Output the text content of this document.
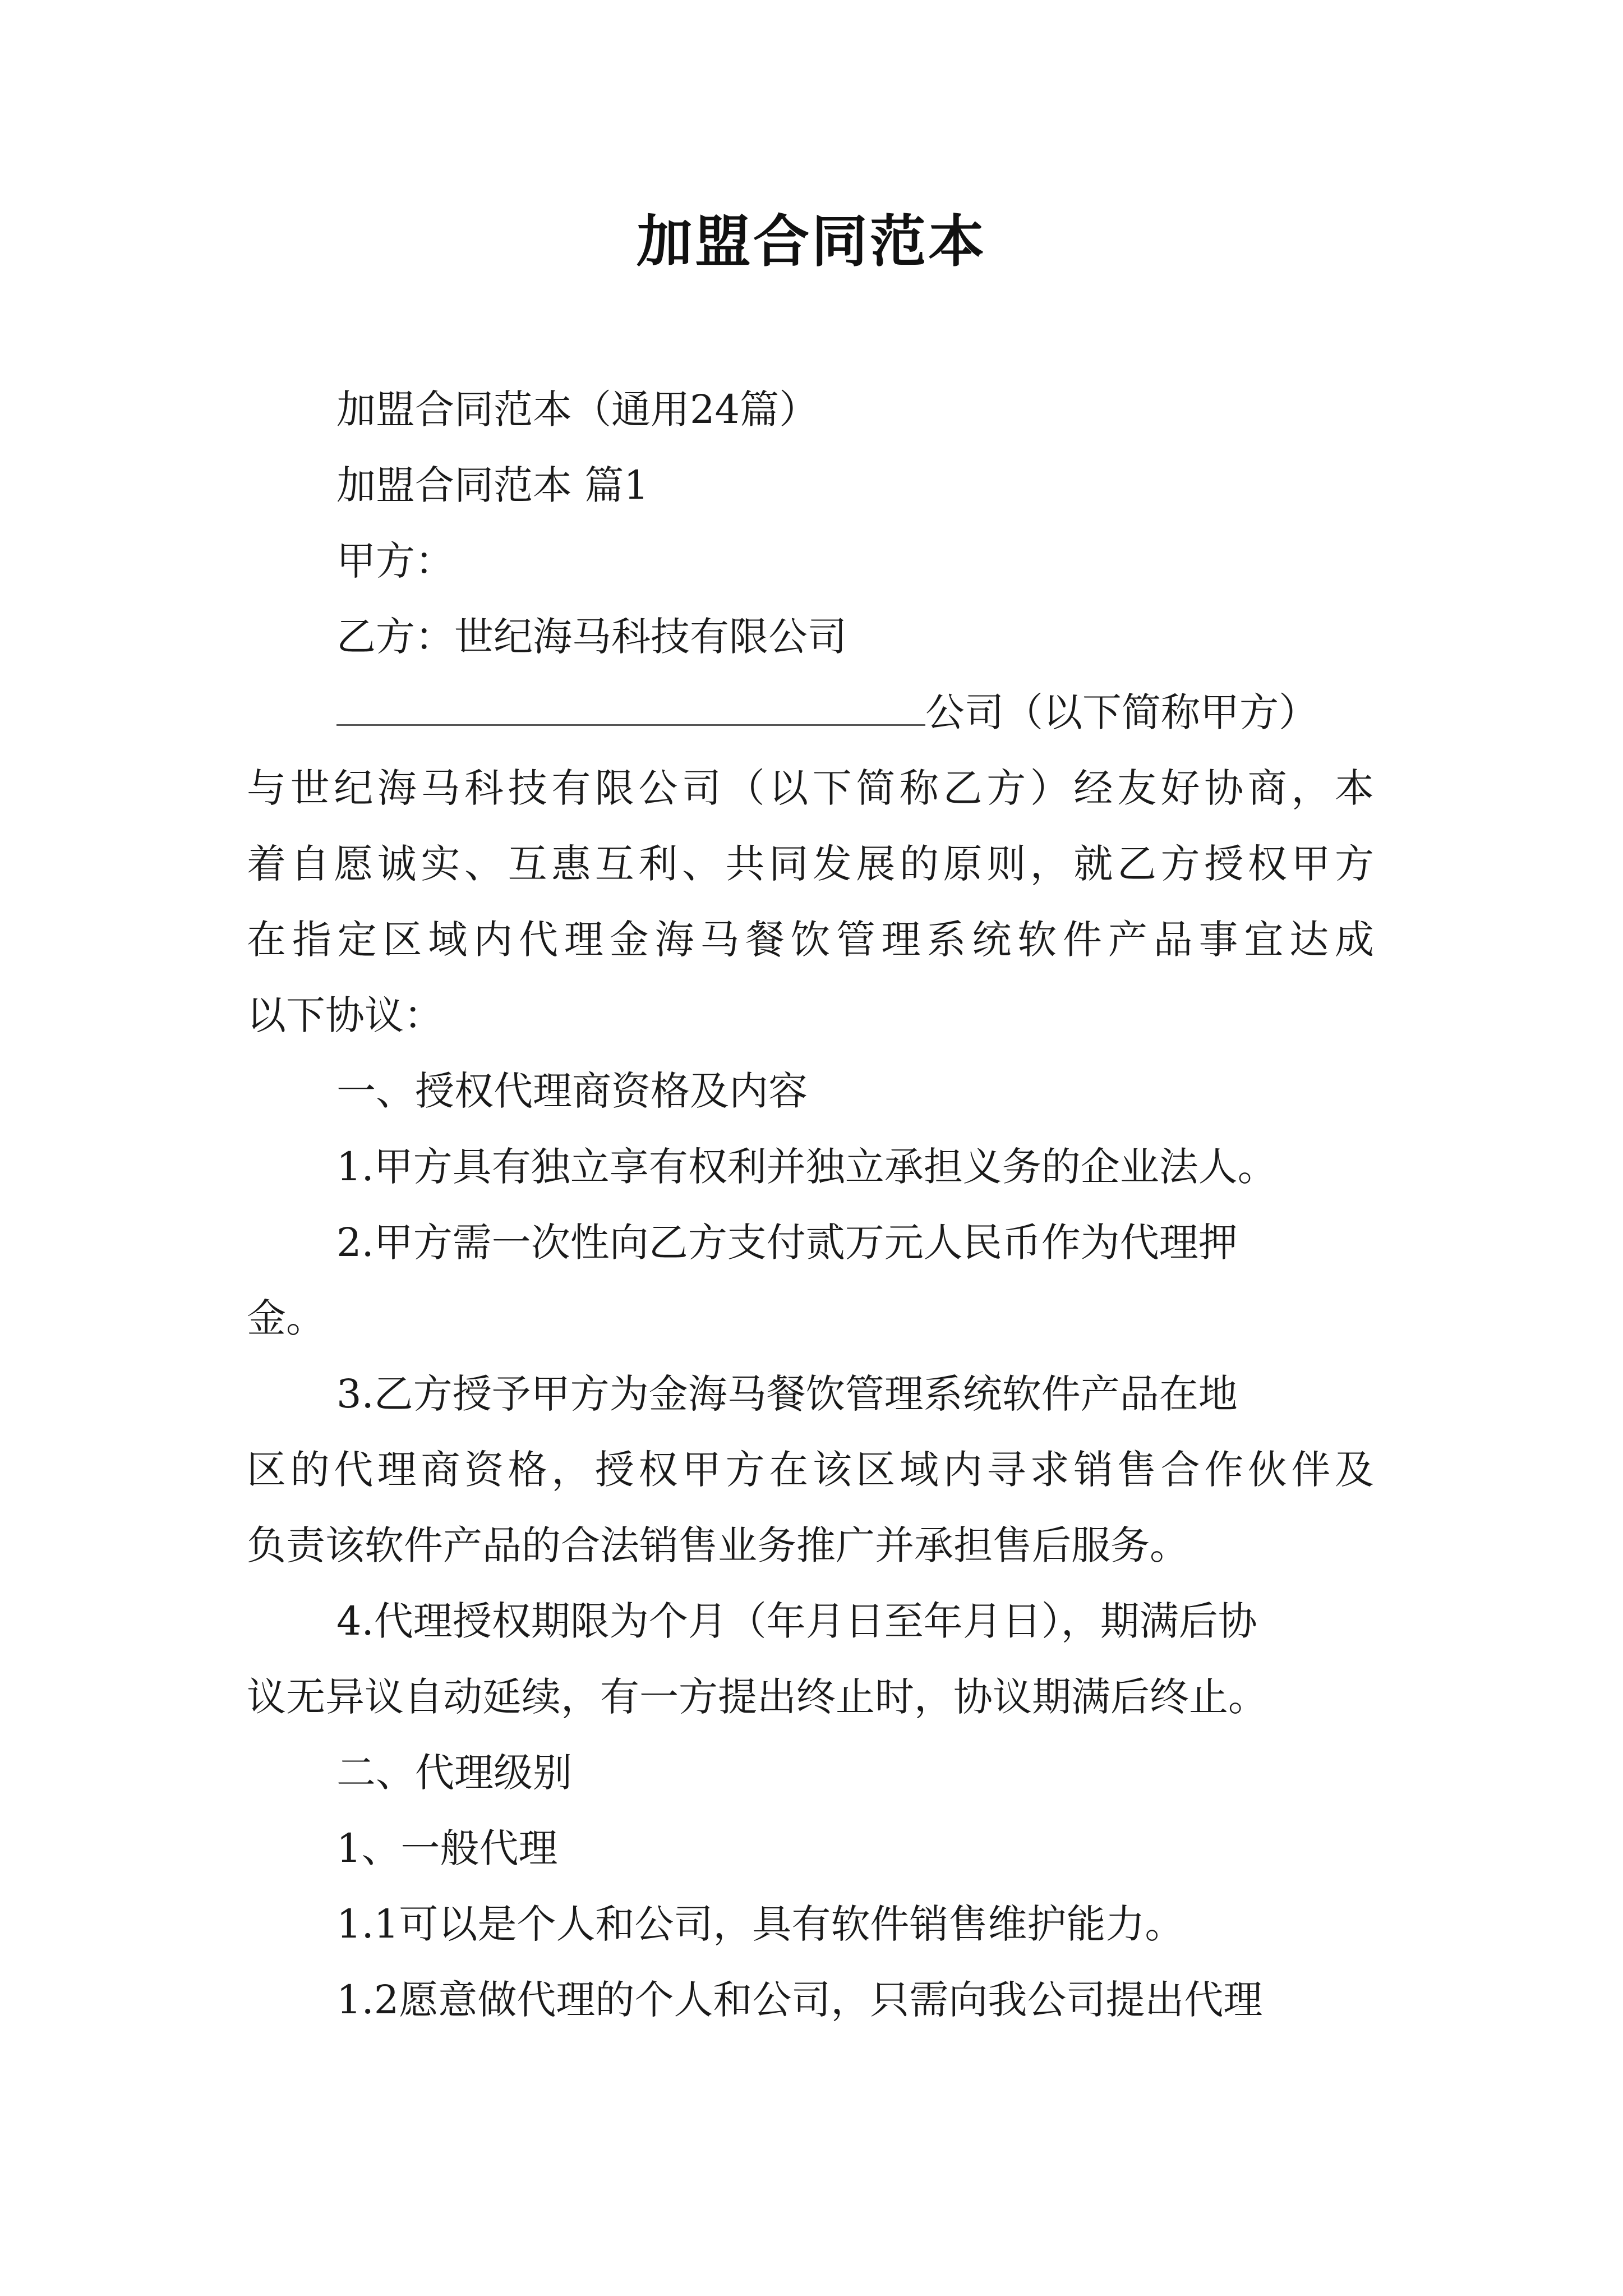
加盟合同范本
加盟合同范本（通用24篇）
加盟合同范本 篇1
甲方：
乙方：世纪海马科技有限公司
公司（以下简称甲方）
与世纪海马科技有限公司（以下简称乙方）经友好协商，本
着自愿诚实、互惠互利、共同发展的原则，就乙方授权甲方
在指定区域内代理金海马餐饮管理系统软件产品事宜达成
以下协议：
一、授权代理商资格及内容
1.甲方具有独立享有权利并独立承担义务的企业法人。
2.甲方需一次性向乙方支付贰万元人民币作为代理押
金。
3.乙方授予甲方为金海马餐饮管理系统软件产品在地
区的代理商资格，授权甲方在该区域内寻求销售合作伙伴及
负责该软件产品的合法销售业务推广并承担售后服务。
4.代理授权期限为个月（年月日至年月日），期满后协
议无异议自动延续，有一方提出终止时，协议期满后终止。
二、代理级别
1、一般代理
1.1可以是个人和公司，具有软件销售维护能力。
1.2愿意做代理的个人和公司，只需向我公司提出代理
